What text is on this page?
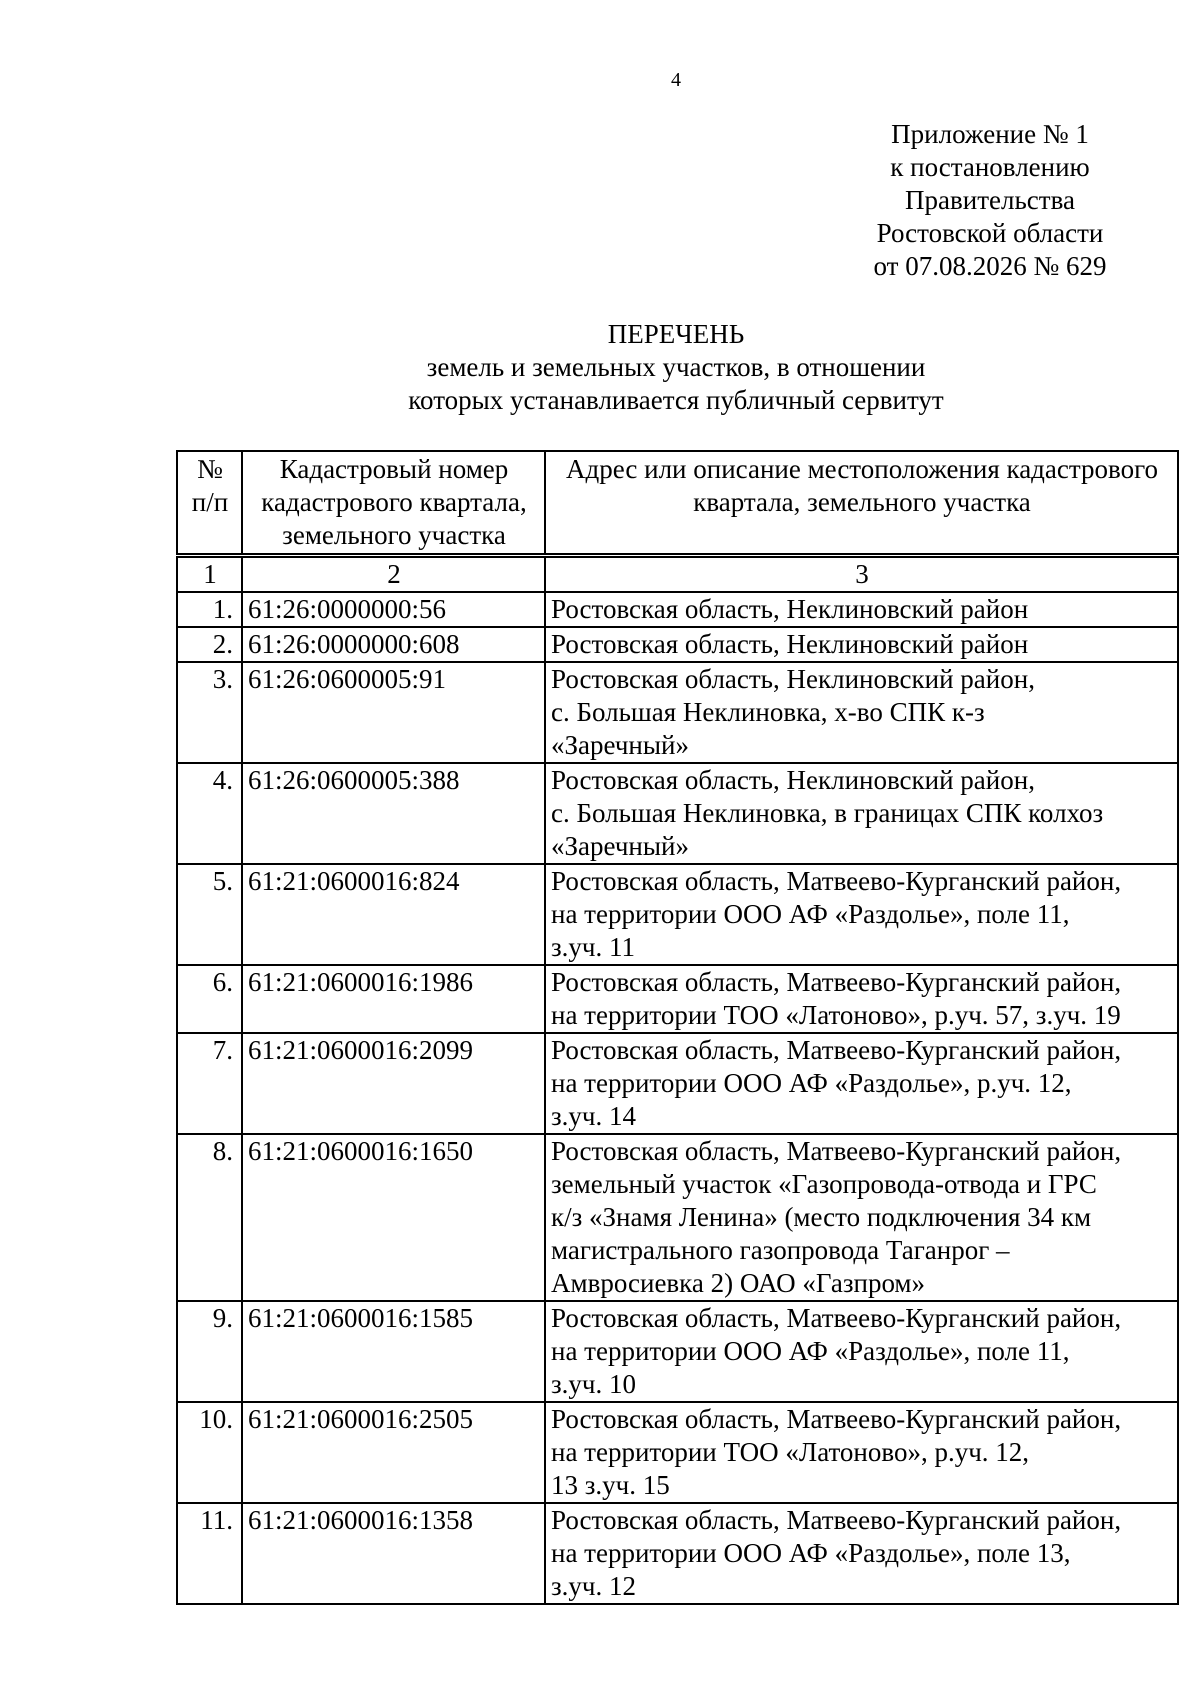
4
Приложение № 1
к постановлению
Правительства
Ростовской области
от 07.08.2026 № 629
ПЕРЕЧЕНЬ
земель и земельных участков, в отношении
которых устанавливается публичный сервитут
№ п/п	Кадастровый номер кадастрового квартала, земельного участка	Адрес или описание местоположения кадастрового квартала, земельного участка
1	2	3
1.	61:26:0000000:56	Ростовская область, Неклиновский район

2.	61:26:0000000:608	Ростовская область, Неклиновский район

3.	61:26:0600005:91	Ростовская область, Неклиновский район,
с. Большая Неклиновка, х-во СПК к-з
«Заречный»

4.	61:26:0600005:388	Ростовская область, Неклиновский район,
с. Большая Неклиновка, в границах СПК колхоз
«Заречный»

5.	61:21:0600016:824	Ростовская область, Матвеево-Курганский район,
на территории ООО АФ «Раздолье», поле 11,
з.уч. 11

6.	61:21:0600016:1986	Ростовская область, Матвеево-Курганский район,
на территории ТОО «Латоново», р.уч. 57, з.уч. 19

7.	61:21:0600016:2099	Ростовская область, Матвеево-Курганский район,
на территории ООО АФ «Раздолье», р.уч. 12,
з.уч. 14

8.	61:21:0600016:1650	Ростовская область, Матвеево-Курганский район,
земельный участок «Газопровода-отвода и ГРС
к/з «Знамя Ленина» (место подключения 34 км
магистрального газопровода Таганрог –
Амвросиевка 2) ОАО «Газпром»

9.	61:21:0600016:1585	Ростовская область, Матвеево-Курганский район,
на территории ООО АФ «Раздолье», поле 11,
з.уч. 10

10.	61:21:0600016:2505	Ростовская область, Матвеево-Курганский район,
на территории ТОО «Латоново», р.уч. 12,
13 з.уч. 15

11.	61:21:0600016:1358	Ростовская область, Матвеево-Курганский район,
на территории ООО АФ «Раздолье», поле 13,
з.уч. 12
